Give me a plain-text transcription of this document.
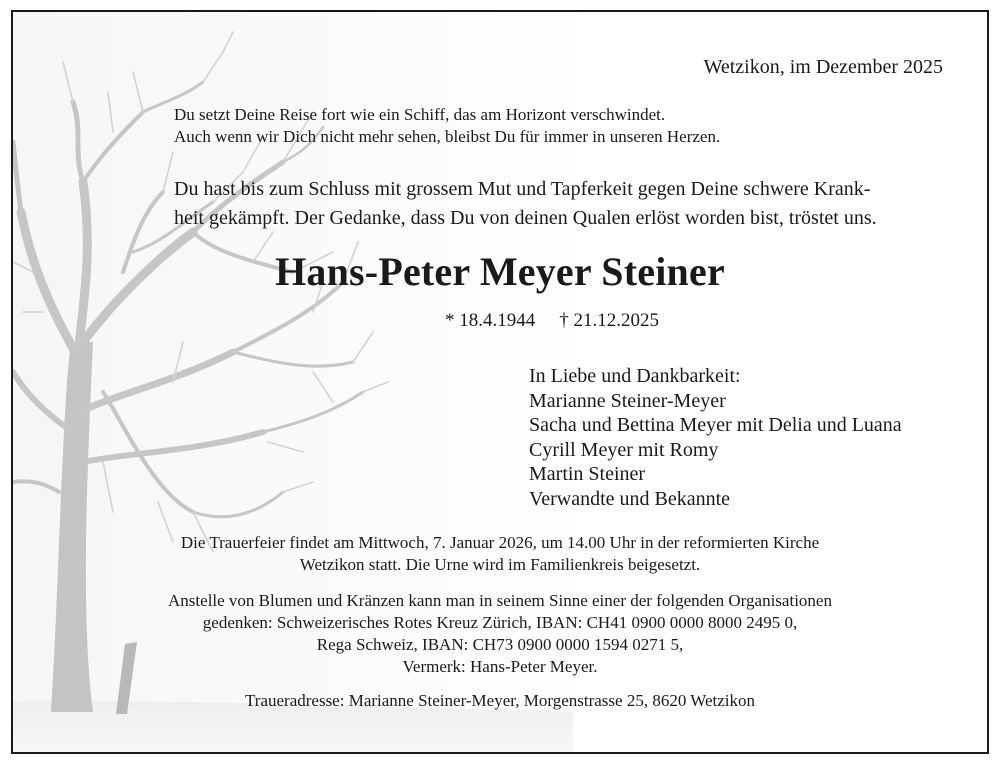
Wetzikon, im Dezember 2025

Du setzt Deine Reise fort wie ein Schiff, das am Horizont verschwindet.
Auch wenn wir Dich nicht mehr sehen, bleibst Du für immer in unseren Herzen.
Du hast bis zum Schluss mit grossem Mut und Tapferkeit gegen Deine schwere Krank-
heit gekämpft. Der Gedanke, dass Du von deinen Qualen erlöst worden bist, tröstet uns.
Hans-Peter Meyer Steiner
* 18.4.1944 † 21.12.2025
In Liebe und Dankbarkeit:
Marianne Steiner-Meyer
Sacha und Bettina Meyer mit Delia und Luana
Cyrill Meyer mit Romy
Martin Steiner
Verwandte und Bekannte
Die Trauerfeier findet am Mittwoch, 7. Januar 2026, um 14.00 Uhr in der reformierten Kirche
Wetzikon statt. Die Urne wird im Familienkreis beigesetzt.
Anstelle von Blumen und Kränzen kann man in seinem Sinne einer der folgenden Organisationen
gedenken: Schweizerisches Rotes Kreuz Zürich, IBAN: CH41 0900 0000 8000 2495 0,
Rega Schweiz, IBAN: CH73 0900 0000 1594 0271 5,
Vermerk: Hans-Peter Meyer.

Traueradresse: Marianne Steiner-Meyer, Morgenstrasse 25, 8620 Wetzikon
